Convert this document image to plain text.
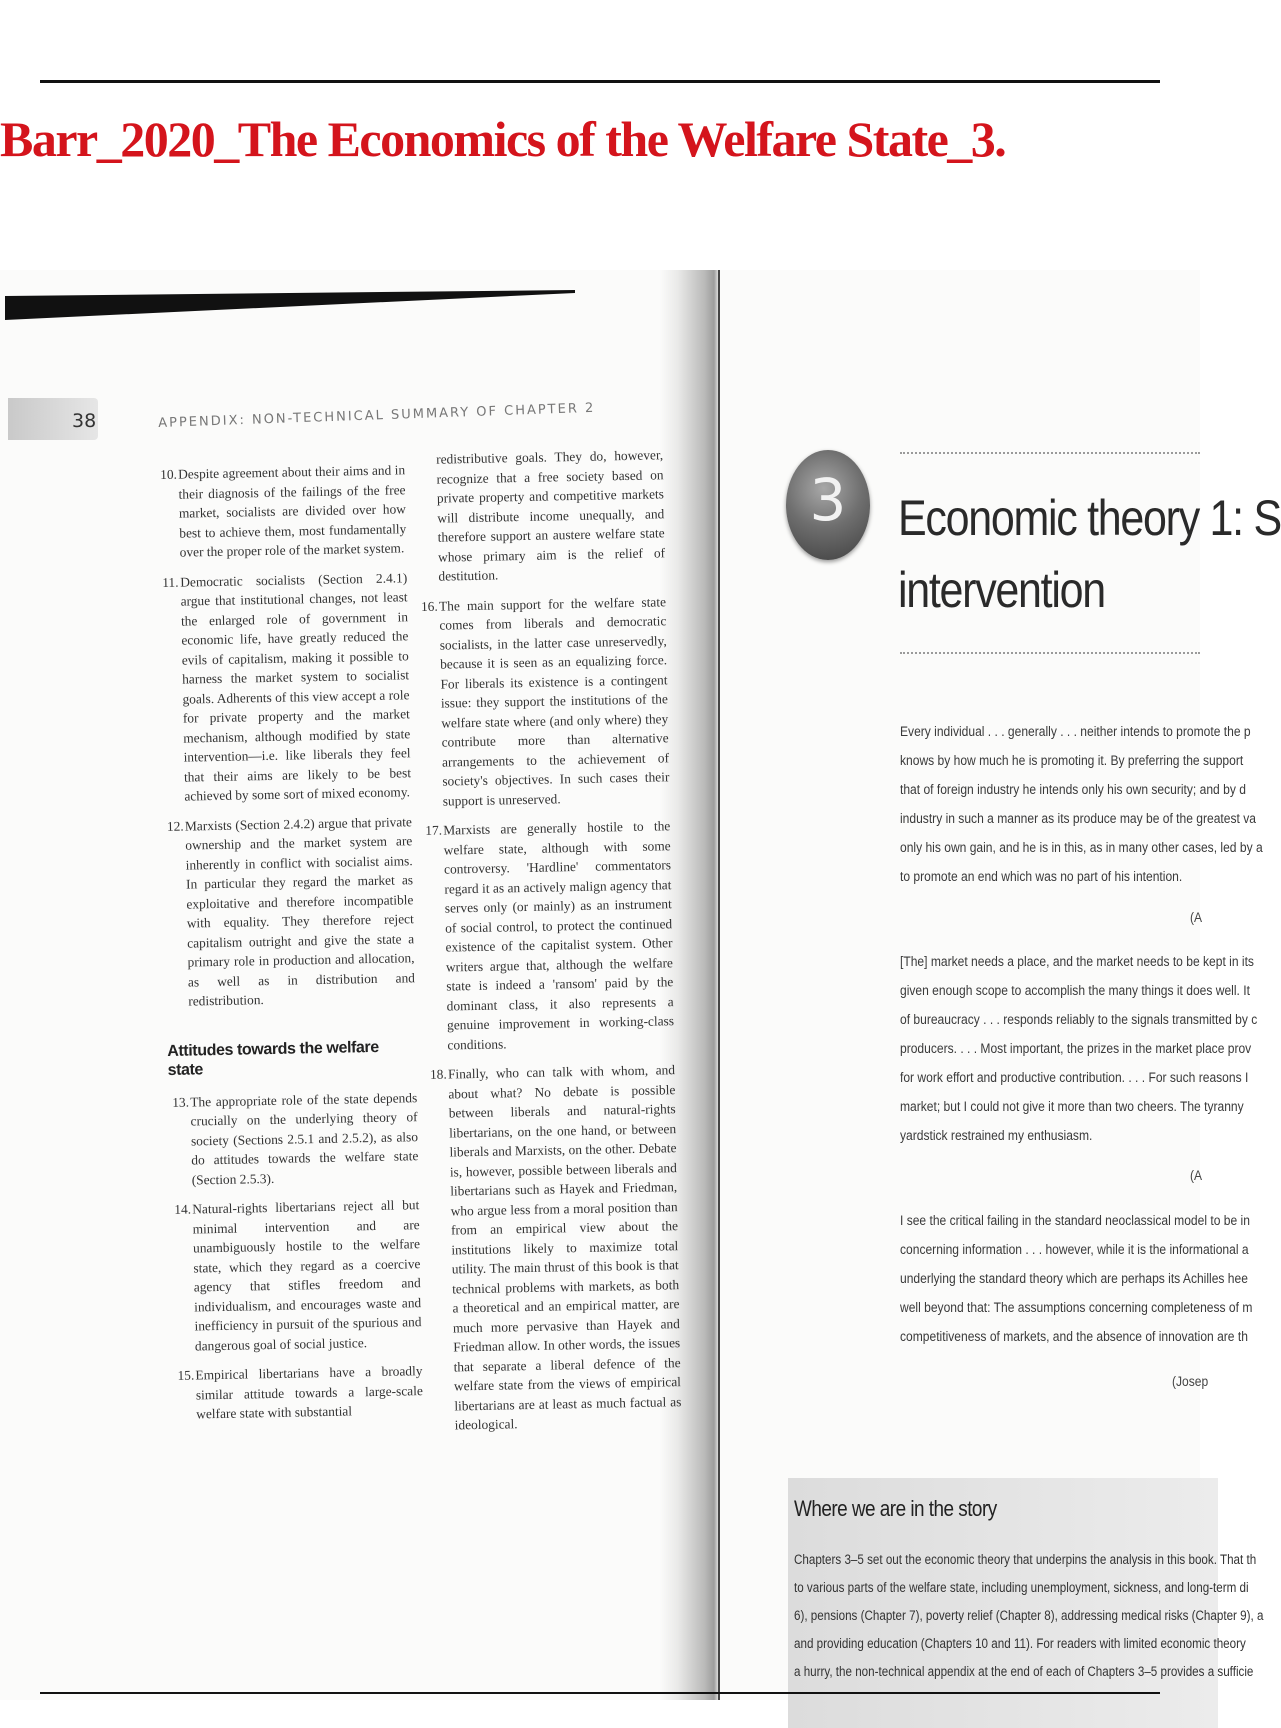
Barr_2020_The Economics of the Welfare State_3.
38	APPENDIX: NON-TECHNICAL SUMMARY OF CHAPTER 2

10.Despite agreement about their aims and in their diagnosis of the failings of the free market, socialists are divided over how best to achieve them, most fundamentally over the proper role of the market system.

11.Democratic socialists (Section 2.4.1) argue that institutional changes, not least the enlarged role of government in economic life, have greatly reduced the evils of capitalism, making it possible to harness the market system to socialist goals. Adherents of this view accept a role for private property and the market mechanism, although modified by state intervention—i.e. like liberals they feel that their aims are likely to be best achieved by some sort of mixed economy.

12.Marxists (Section 2.4.2) argue that private ownership and the market system are inherently in conflict with socialist aims. In particular they regard the market as exploitative and therefore incompatible with equality. They therefore reject capitalism outright and give the state a primary role in production and allocation, as well as in distribution and redistribution.

Attitudes towards the welfare state

13.The appropriate role of the state depends crucially on the underlying theory of society (Sections 2.5.1 and 2.5.2), as also do attitudes towards the welfare state (Section 2.5.3).

14.Natural-rights libertarians reject all but minimal intervention and are unambiguously hostile to the welfare state, which they regard as a coercive agency that stifles freedom and individualism, and encourages waste and inefficiency in pursuit of the spurious and dangerous goal of social justice.

15.Empirical libertarians have a broadly similar attitude towards a large-scale welfare state with substantial

redistributive goals. They do, however, recognize that a free society based on private property and competitive markets will distribute income unequally, and therefore support an austere welfare state whose primary aim is the relief of destitution.

16.The main support for the welfare state comes from liberals and democratic socialists, in the latter case unreservedly, because it is seen as an equalizing force. For liberals its existence is a contingent issue: they support the institutions of the welfare state where (and only where) they contribute more than alternative arrangements to the achievement of society's objectives. In such cases their support is unreserved.

17.Marxists are generally hostile to the welfare state, although with some controversy. 'Hardline' commentators regard it as an actively malign agency that serves only (or mainly) as an instrument of social control, to protect the continued existence of the capitalist system. Other writers argue that, although the welfare state is indeed a 'ransom' paid by the dominant class, it also represents a genuine improvement in working-class conditions.

18.Finally, who can talk with whom, and about what? No debate is possible between liberals and natural-rights libertarians, on the one hand, or between liberals and Marxists, on the other. Debate is, however, possible between liberals and libertarians such as Hayek and Friedman, who argue less from a moral position than from an empirical view about the institutions likely to maximize total utility. The main thrust of this book is that technical problems with markets, as both a theoretical and an empirical matter, are much more pervasive than Hayek and Friedman allow. In other words, the issues that separate a liberal defence of the welfare state from the views of empirical libertarians are at least as much factual as ideological.

3	Economic theory 1: S
intervention
Every individual . . . generally . . . neither intends to promote the p
knows by how much he is promoting it. By preferring the support
that of foreign industry he intends only his own security; and by d
industry in such a manner as its produce may be of the greatest va
only his own gain, and he is in this, as in many other cases, led by a
to promote an end which was no part of his intention.
(A
[The] market needs a place, and the market needs to be kept in its
given enough scope to accomplish the many things it does well. It
of bureaucracy . . . responds reliably to the signals transmitted by c
producers. . . . Most important, the prizes in the market place prov
for work effort and productive contribution. . . . For such reasons I
market; but I could not give it more than two cheers. The tyranny
yardstick restrained my enthusiasm.
(A
I see the critical failing in the standard neoclassical model to be in
concerning information . . . however, while it is the informational a
underlying the standard theory which are perhaps its Achilles hee
well beyond that: The assumptions concerning completeness of m
competitiveness of markets, and the absence of innovation are th
(Josep
Where we are in the story
Chapters 3–5 set out the economic theory that underpins the analysis in this book. That th
to various parts of the welfare state, including unemployment, sickness, and long-term di
6), pensions (Chapter 7), poverty relief (Chapter 8), addressing medical risks (Chapter 9), a
and providing education (Chapters 10 and 11). For readers with limited economic theory
a hurry, the non-technical appendix at the end of each of Chapters 3–5 provides a sufficie
